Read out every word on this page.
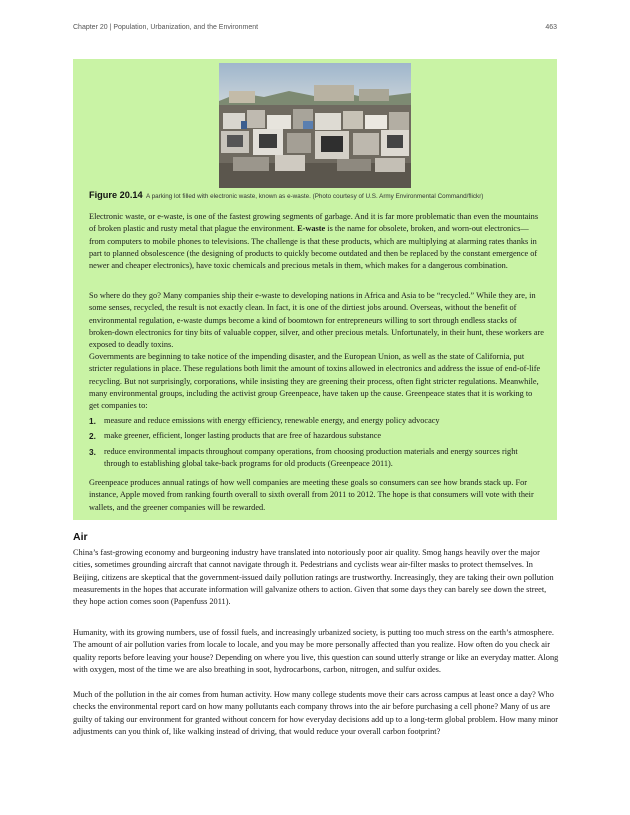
Chapter 20 | Population, Urbanization, and the Environment	463
Figure 20.14 A parking lot filled with electronic waste, known as e-waste. (Photo courtesy of U.S. Army Environmental Command/flickr)

Electronic waste, or e-waste, is one of the fastest growing segments of garbage. And it is far more problematic than even the mountains of broken plastic and rusty metal that plague the environment. E-waste is the name for obsolete, broken, and worn-out electronics—from computers to mobile phones to televisions. The challenge is that these products, which are multiplying at alarming rates thanks in part to planned obsolescence (the designing of products to quickly become outdated and then be replaced by the constant emergence of newer and cheaper electronics), have toxic chemicals and precious metals in them, which makes for a dangerous combination.

So where do they go? Many companies ship their e-waste to developing nations in Africa and Asia to be “recycled.” While they are, in some senses, recycled, the result is not exactly clean. In fact, it is one of the dirtiest jobs around. Overseas, without the benefit of environmental regulation, e-waste dumps become a kind of boomtown for entrepreneurs willing to sort through endless stacks of broken-down electronics for tiny bits of valuable copper, silver, and other precious metals. Unfortunately, in their hunt, these workers are exposed to deadly toxins.

Governments are beginning to take notice of the impending disaster, and the European Union, as well as the state of California, put stricter regulations in place. These regulations both limit the amount of toxins allowed in electronics and address the issue of end-of-life recycling. But not surprisingly, corporations, while insisting they are greening their process, often fight stricter regulations. Meanwhile, many environmental groups, including the activist group Greenpeace, have taken up the cause. Greenpeace states that it is working to get companies to:

1. measure and reduce emissions with energy efficiency, renewable energy, and energy policy advocacy
2. make greener, efficient, longer lasting products that are free of hazardous substance
3. reduce environmental impacts throughout company operations, from choosing production materials and energy sources right through to establishing global take-back programs for old products (Greenpeace 2011).

Greenpeace produces annual ratings of how well companies are meeting these goals so consumers can see how brands stack up. For instance, Apple moved from ranking fourth overall to sixth overall from 2011 to 2012. The hope is that consumers will vote with their wallets, and the greener companies will be rewarded.

Air

China’s fast-growing economy and burgeoning industry have translated into notoriously poor air quality. Smog hangs heavily over the major cities, sometimes grounding aircraft that cannot navigate through it. Pedestrians and cyclists wear air-filter masks to protect themselves. In Beijing, citizens are skeptical that the government-issued daily pollution ratings are trustworthy. Increasingly, they are taking their own pollution measurements in the hopes that accurate information will galvanize others to action. Given that some days they can barely see down the street, they hope action comes soon (Papenfuss 2011).

Humanity, with its growing numbers, use of fossil fuels, and increasingly urbanized society, is putting too much stress on the earth’s atmosphere. The amount of air pollution varies from locale to locale, and you may be more personally affected than you realize. How often do you check air quality reports before leaving your house? Depending on where you live, this question can sound utterly strange or like an everyday matter. Along with oxygen, most of the time we are also breathing in soot, hydrocarbons, carbon, nitrogen, and sulfur oxides.

Much of the pollution in the air comes from human activity. How many college students move their cars across campus at least once a day? Who checks the environmental report card on how many pollutants each company throws into the air before purchasing a cell phone? Many of us are guilty of taking our environment for granted without concern for how everyday decisions add up to a long-term global problem. How many minor adjustments can you think of, like walking instead of driving, that would reduce your overall carbon footprint?
